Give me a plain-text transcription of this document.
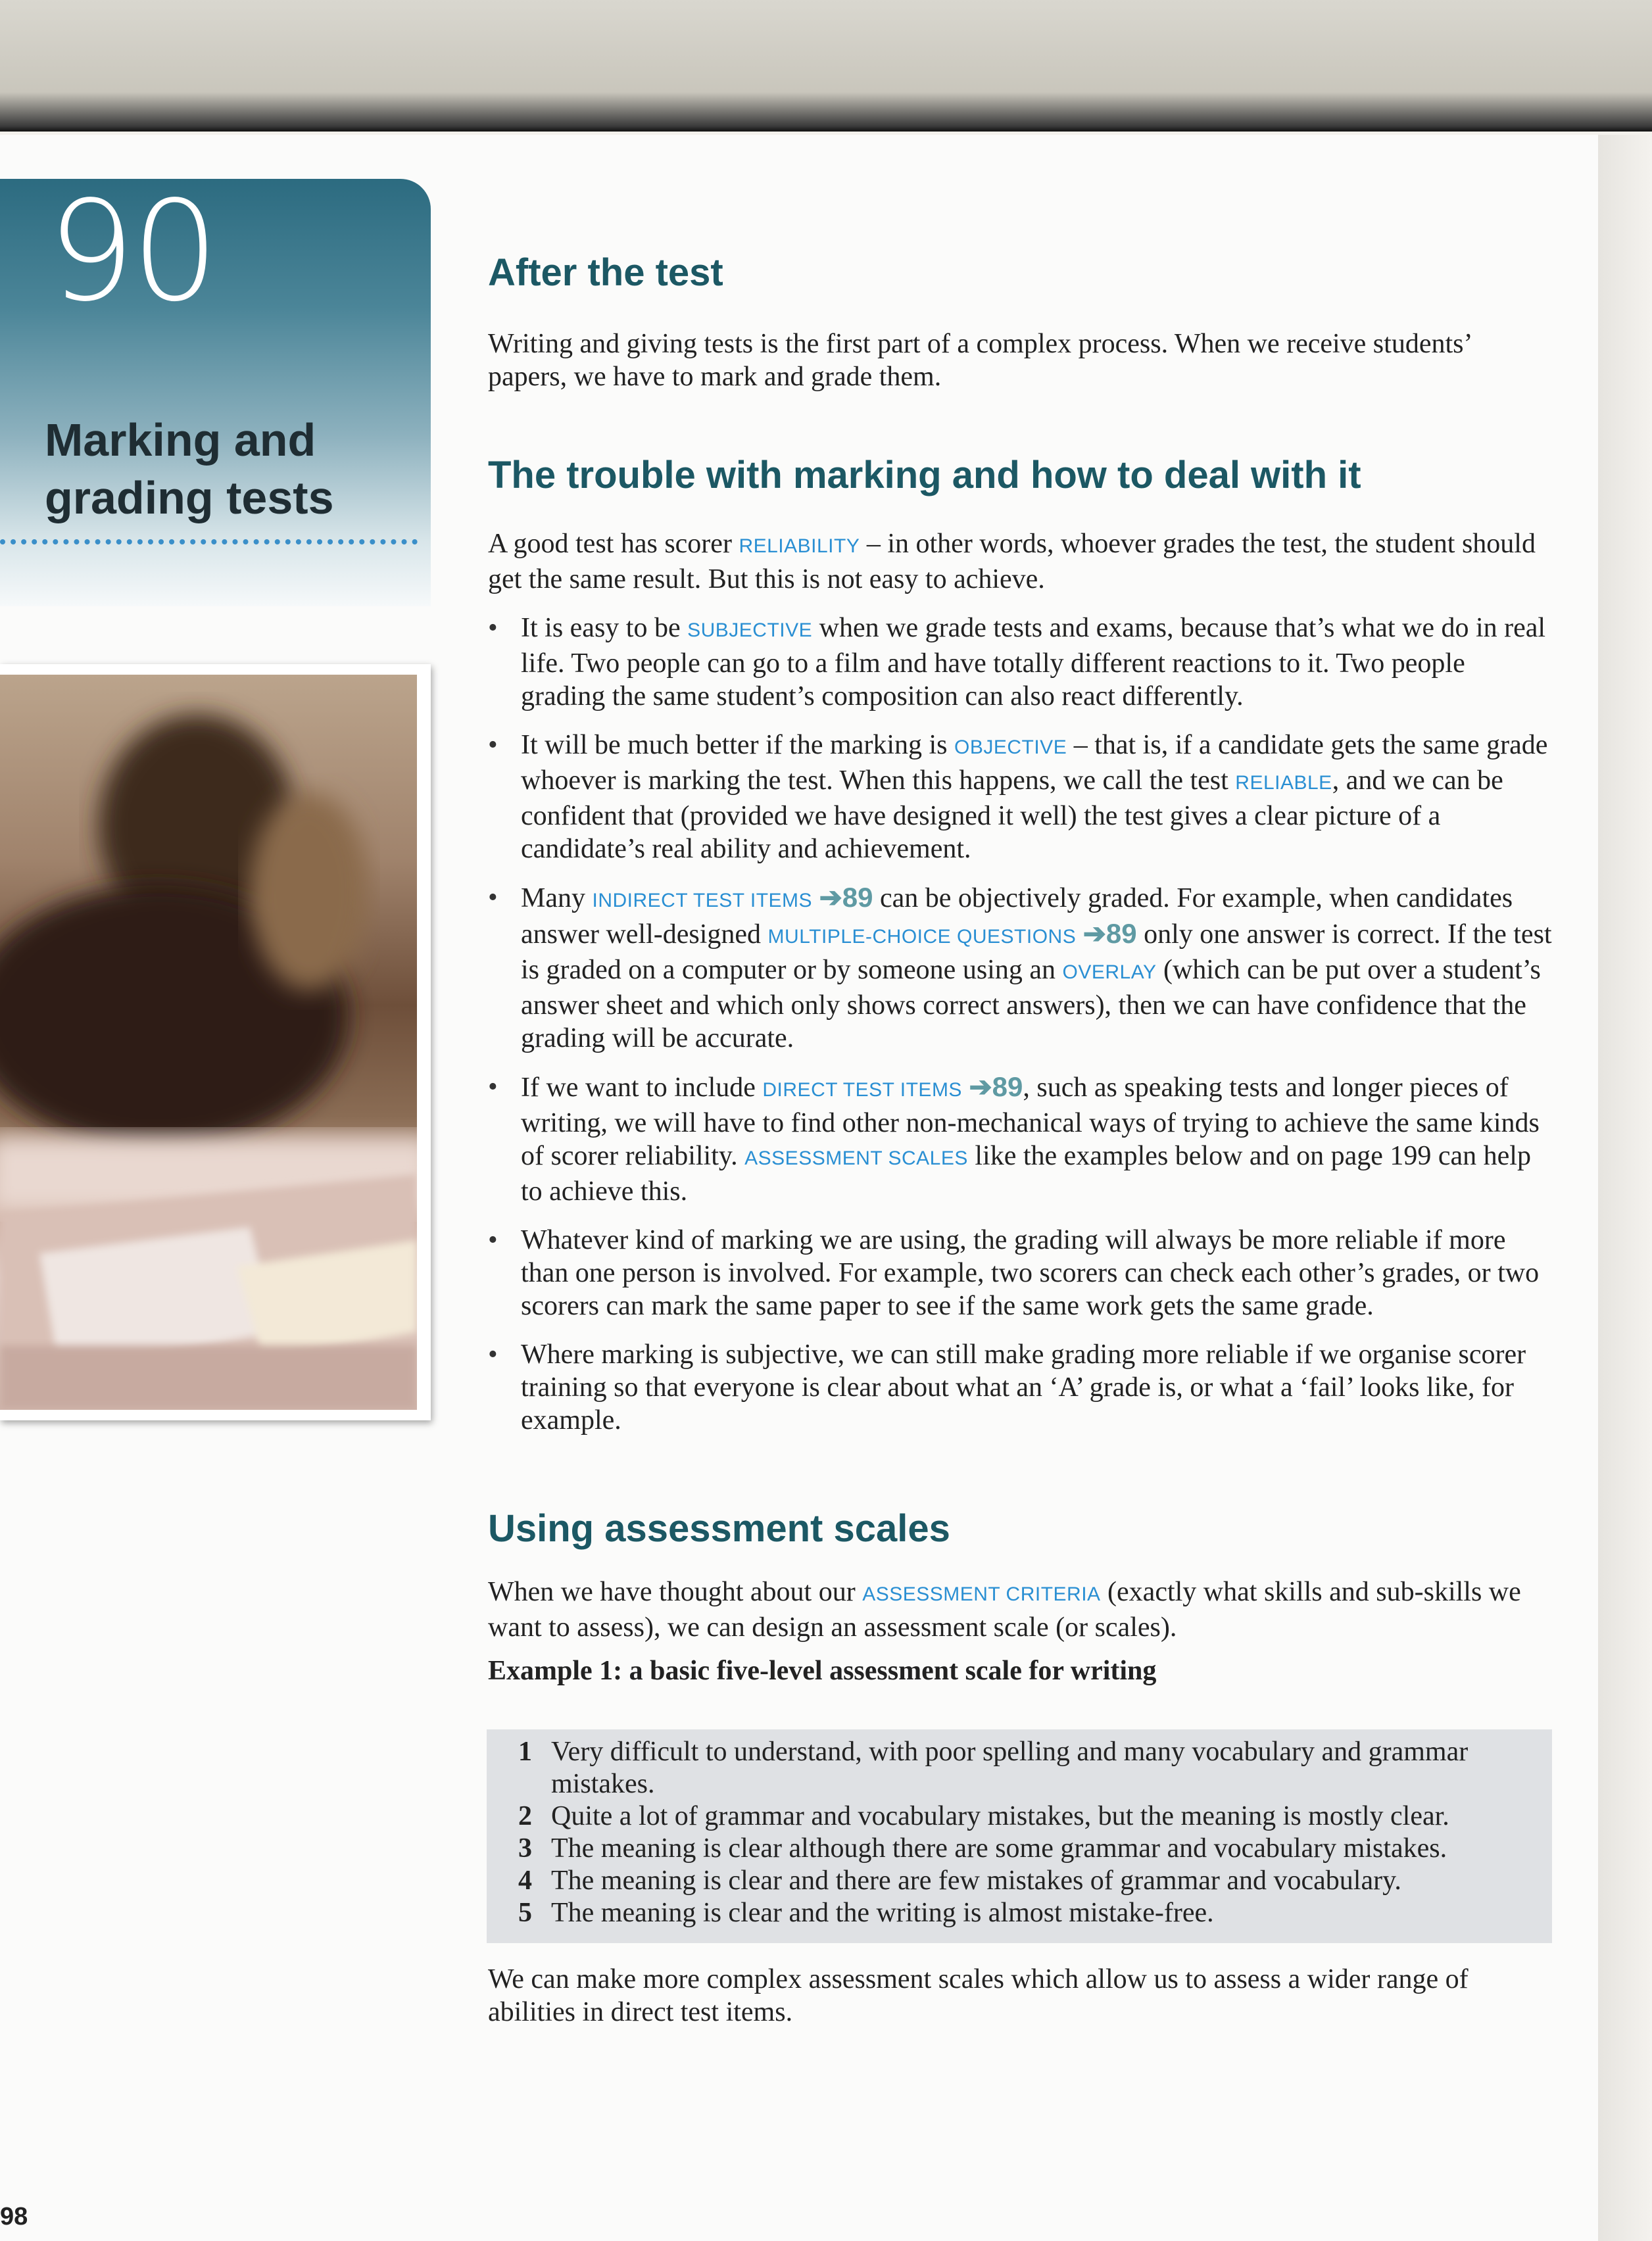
90

Marking and grading tests
After the test

Writing and giving tests is the first part of a complex process. When we receive students’ papers, we have to mark and grade them.

The trouble with marking and how to deal with it

A good test has scorer RELIABILITY – in other words, whoever grades the test, the student should get the same result. But this is not easy to achieve.

• It is easy to be SUBJECTIVE when we grade tests and exams, because that’s what we do in real life. Two people can go to a film and have totally different reactions to it. Two people grading the same student’s composition can also react differently.
• It will be much better if the marking is OBJECTIVE – that is, if a candidate gets the same grade whoever is marking the test. When this happens, we call the test RELIABLE, and we can be confident that (provided we have designed it well) the test gives a clear picture of a candidate’s real ability and achievement.
• Many INDIRECT TEST ITEMS ➔89 can be objectively graded. For example, when candidates answer well-designed MULTIPLE-CHOICE QUESTIONS ➔89 only one answer is correct. If the test is graded on a computer or by someone using an OVERLAY (which can be put over a student’s answer sheet and which only shows correct answers), then we can have confidence that the grading will be accurate.
• If we want to include DIRECT TEST ITEMS ➔89, such as speaking tests and longer pieces of writing, we will have to find other non-mechanical ways of trying to achieve the same kinds of scorer reliability. ASSESSMENT SCALES like the examples below and on page 199 can help to achieve this.
• Whatever kind of marking we are using, the grading will always be more reliable if more than one person is involved. For example, two scorers can check each other’s grades, or two scorers can mark the same paper to see if the same work gets the same grade.
• Where marking is subjective, we can still make grading more reliable if we organise scorer training so that everyone is clear about what an ‘A’ grade is, or what a ‘fail’ looks like, for example.
Using assessment scales

When we have thought about our ASSESSMENT CRITERIA (exactly what skills and sub-skills we want to assess), we can design an assessment scale (or scales).

Example 1: a basic five-level assessment scale for writing

1 Very difficult to understand, with poor spelling and many vocabulary and grammar mistakes.
2 Quite a lot of grammar and vocabulary mistakes, but the meaning is mostly clear.
3 The meaning is clear although there are some grammar and vocabulary mistakes.
4 The meaning is clear and there are few mistakes of grammar and vocabulary.
5 The meaning is clear and the writing is almost mistake-free.

We can make more complex assessment scales which allow us to assess a wider range of abilities in direct test items.

98
